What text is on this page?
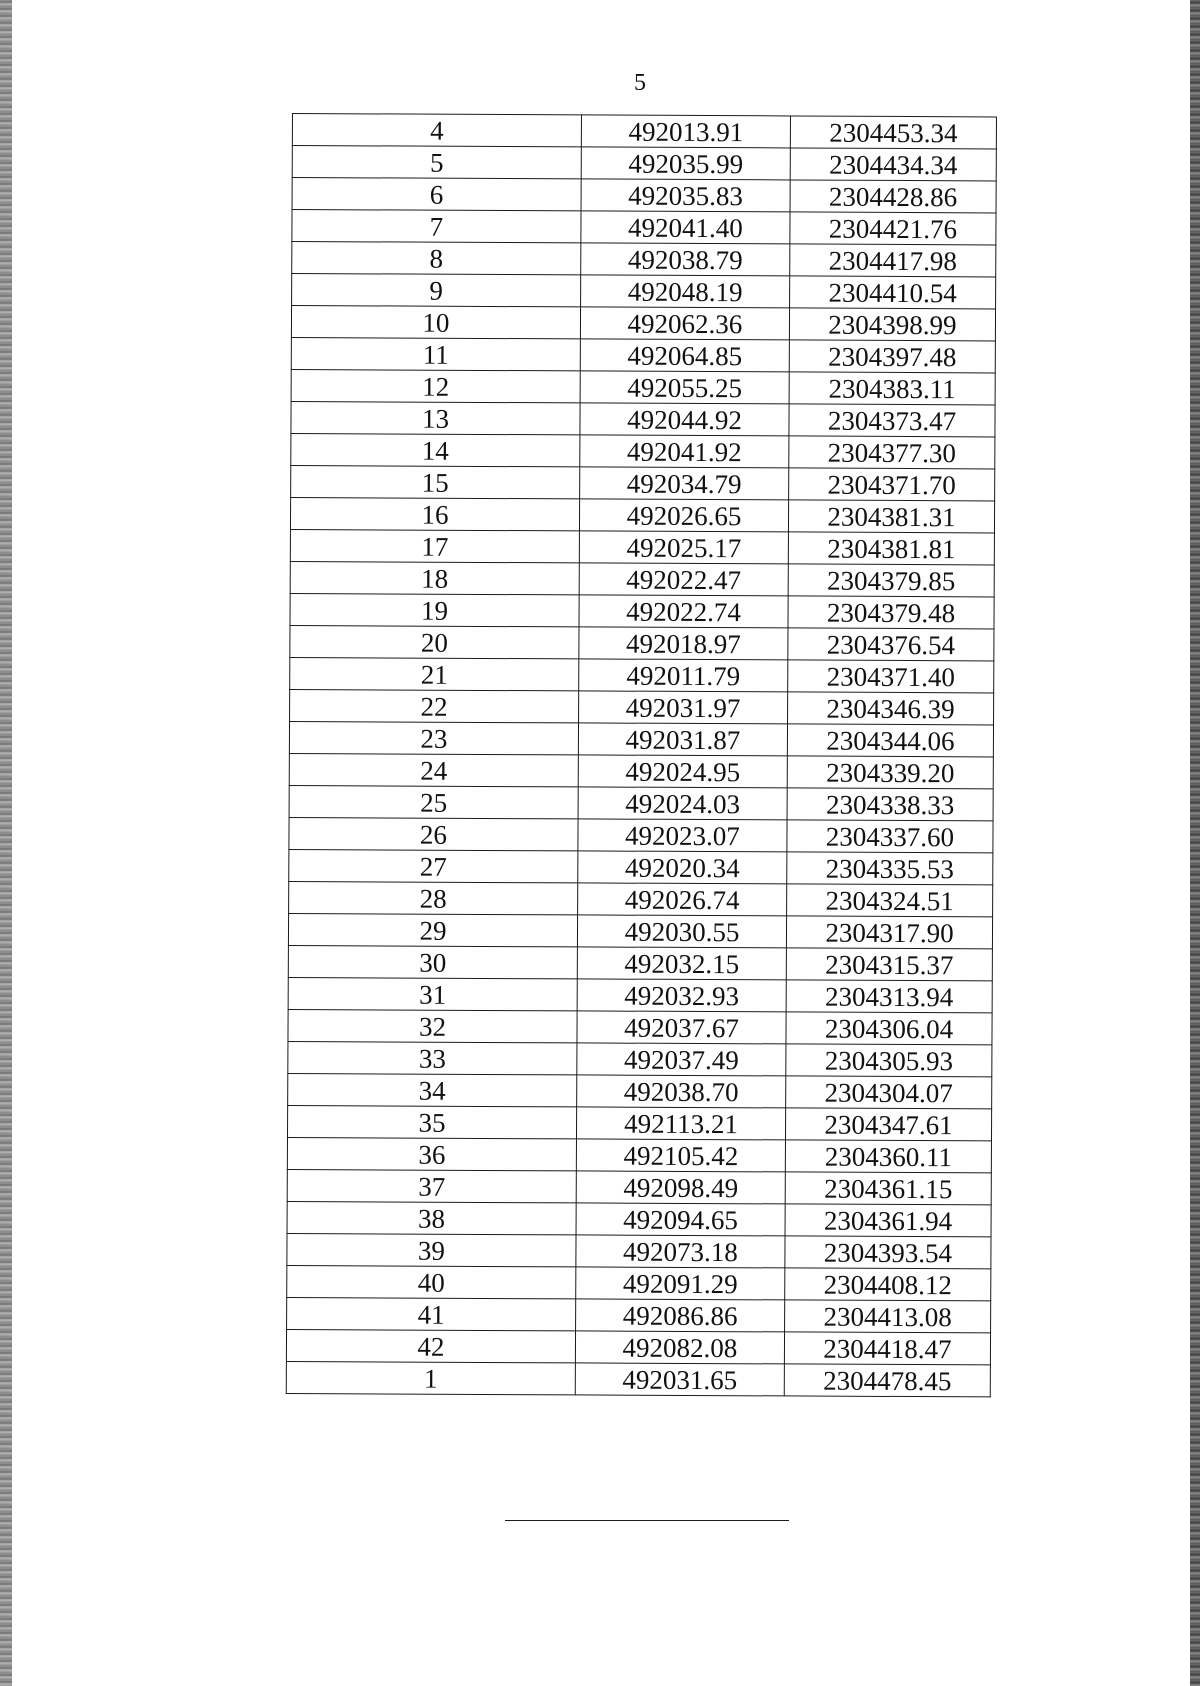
5
4	492013.91	2304453.34
5	492035.99	2304434.34
6	492035.83	2304428.86
7	492041.40	2304421.76
8	492038.79	2304417.98
9	492048.19	2304410.54
10	492062.36	2304398.99
11	492064.85	2304397.48
12	492055.25	2304383.11
13	492044.92	2304373.47
14	492041.92	2304377.30
15	492034.79	2304371.70
16	492026.65	2304381.31
17	492025.17	2304381.81
18	492022.47	2304379.85
19	492022.74	2304379.48
20	492018.97	2304376.54
21	492011.79	2304371.40
22	492031.97	2304346.39
23	492031.87	2304344.06
24	492024.95	2304339.20
25	492024.03	2304338.33
26	492023.07	2304337.60
27	492020.34	2304335.53
28	492026.74	2304324.51
29	492030.55	2304317.90
30	492032.15	2304315.37
31	492032.93	2304313.94
32	492037.67	2304306.04
33	492037.49	2304305.93
34	492038.70	2304304.07
35	492113.21	2304347.61
36	492105.42	2304360.11
37	492098.49	2304361.15
38	492094.65	2304361.94
39	492073.18	2304393.54
40	492091.29	2304408.12
41	492086.86	2304413.08
42	492082.08	2304418.47
1	492031.65	2304478.45
